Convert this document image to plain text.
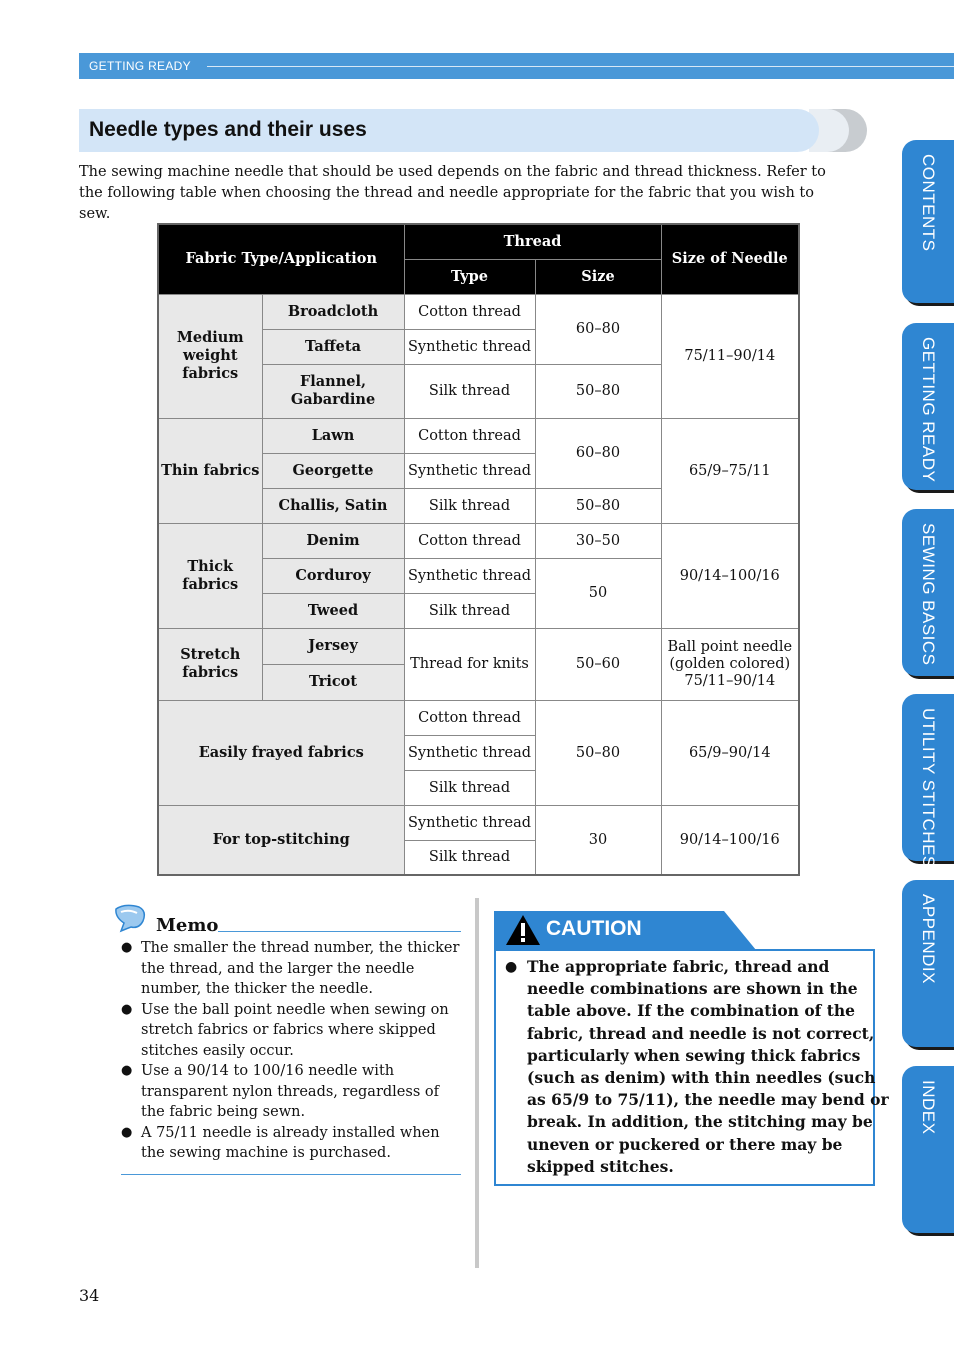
GETTING READY
Needle types and their uses
The sewing machine needle that should be used depends on the fabric and thread thickness. Refer to the following table when choosing the thread and needle appropriate for the fabric that you wish to sew.
Fabric Type/Application		Thread		Size of Needle
		Type	Size	
Medium weight fabrics	Broadcloth	Cotton thread	60–80	75/11–90/14
	Taffeta	Synthetic thread		
	Flannel, Gabardine	Silk thread	50–80	
Thin fabrics	Lawn	Cotton thread	60–80	65/9–75/11
	Georgette	Synthetic thread		
	Challis, Satin	Silk thread	50–80	
Thick fabrics	Denim	Cotton thread	30–50	90/14–100/16
	Corduroy	Synthetic thread	50	
	Tweed	Silk thread		
Stretch fabrics	Jersey	Thread for knits	50–60	Ball point needle (golden colored) 75/11–90/14
	Tricot			
Easily frayed fabrics		Cotton thread	50–80	65/9–90/14
		Synthetic thread		
		Silk thread		
For top-stitching		Synthetic thread	30	90/14–100/16
		Silk thread		
Memo
● The smaller the thread number, the thicker the thread, and the larger the needle number, the thicker the needle.
● Use the ball point needle when sewing on stretch fabrics or fabrics where skipped stitches easily occur.
● Use a 90/14 to 100/16 needle with transparent nylon threads, regardless of the fabric being sewn.
● A 75/11 needle is already installed when the sewing machine is purchased.
CAUTION
● The appropriate fabric, thread and needle combinations are shown in the table above. If the combination of the fabric, thread and needle is not correct, particularly when sewing thick fabrics (such as denim) with thin needles (such as 65/9 to 75/11), the needle may bend or break. In addition, the stitching may be uneven or puckered or there may be skipped stitches.
CONTENTS
GETTING READY
SEWING BASICS
UTILITY STITCHES
APPENDIX
INDEX
34
